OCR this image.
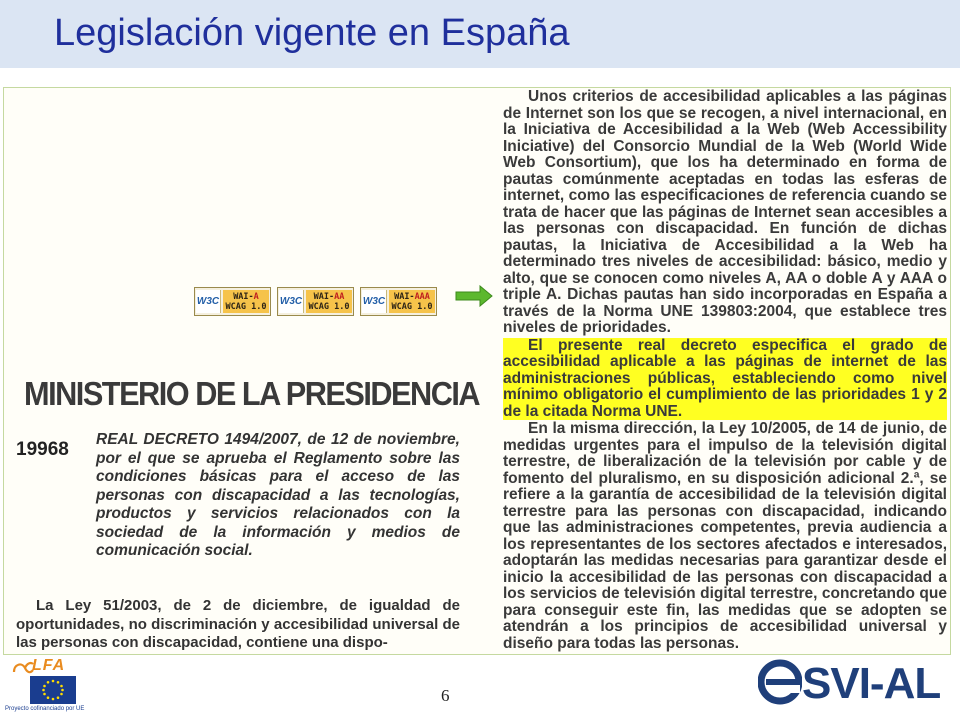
Legislación vigente en España
W3C WAI-A
WCAG 1.0 W3C WAI-AA
WCAG 1.0 W3C WAI-AAA
WCAG 1.0
MINISTERIO DE LA PRESIDENCIA
19968 REAL DECRETO 1494/2007, de 12 de noviembre, por el que se aprueba el Reglamento sobre las condiciones básicas para el acceso de las personas con discapacidad a las tecnologías, productos y servicios relacionados con la sociedad de la información y medios de comunicación social.

La Ley 51/2003, de 2 de diciembre, de igualdad de oportunidades, no discriminación y accesibilidad universal de las personas con discapacidad, contiene una dispo-

Unos criterios de accesibilidad aplicables a las páginas de Internet son los que se recogen, a nivel internacional, en la Iniciativa de Accesibilidad a la Web (Web Accessibility Iniciative) del Consorcio Mundial de la Web (World Wide Web Consortium), que los ha determinado en forma de pautas comúnmente aceptadas en todas las esferas de internet, como las especificaciones de referencia cuando se trata de hacer que las páginas de Internet sean accesibles a las personas con discapacidad. En función de dichas pautas, la Iniciativa de Accesibilidad a la Web ha determinado tres niveles de accesibilidad: básico, medio y alto, que se conocen como niveles A, AA o doble A y AAA o triple A. Dichas pautas han sido incorporadas en España a través de la Norma UNE 139803:2004, que establece tres niveles de prioridades.

El presente real decreto especifica el grado de accesibilidad aplicable a las páginas de internet de las administraciones públicas, estableciendo como nivel mínimo obligatorio el cumplimiento de las prioridades 1 y 2 de la citada Norma UNE.

En la misma dirección, la Ley 10/2005, de 14 de junio, de medidas urgentes para el impulso de la televisión digital terrestre, de liberalización de la televisión por cable y de fomento del pluralismo, en su disposición adicional 2.ª, se refiere a la garantía de accesibilidad de la televisión digital terrestre para las personas con discapacidad, indicando que las administraciones competentes, previa audiencia a los representantes de los sectores afectados e interesados, adoptarán las medidas necesarias para garantizar desde el inicio la accesibilidad de las personas con discapacidad a los servicios de televisión digital terrestre, concretando que para conseguir este fin, las medidas que se adopten se atendrán a los principios de accesibilidad universal y diseño para todas las personas.

LFA
Proyecto cofinanciado por UE
6	SVI-AL
